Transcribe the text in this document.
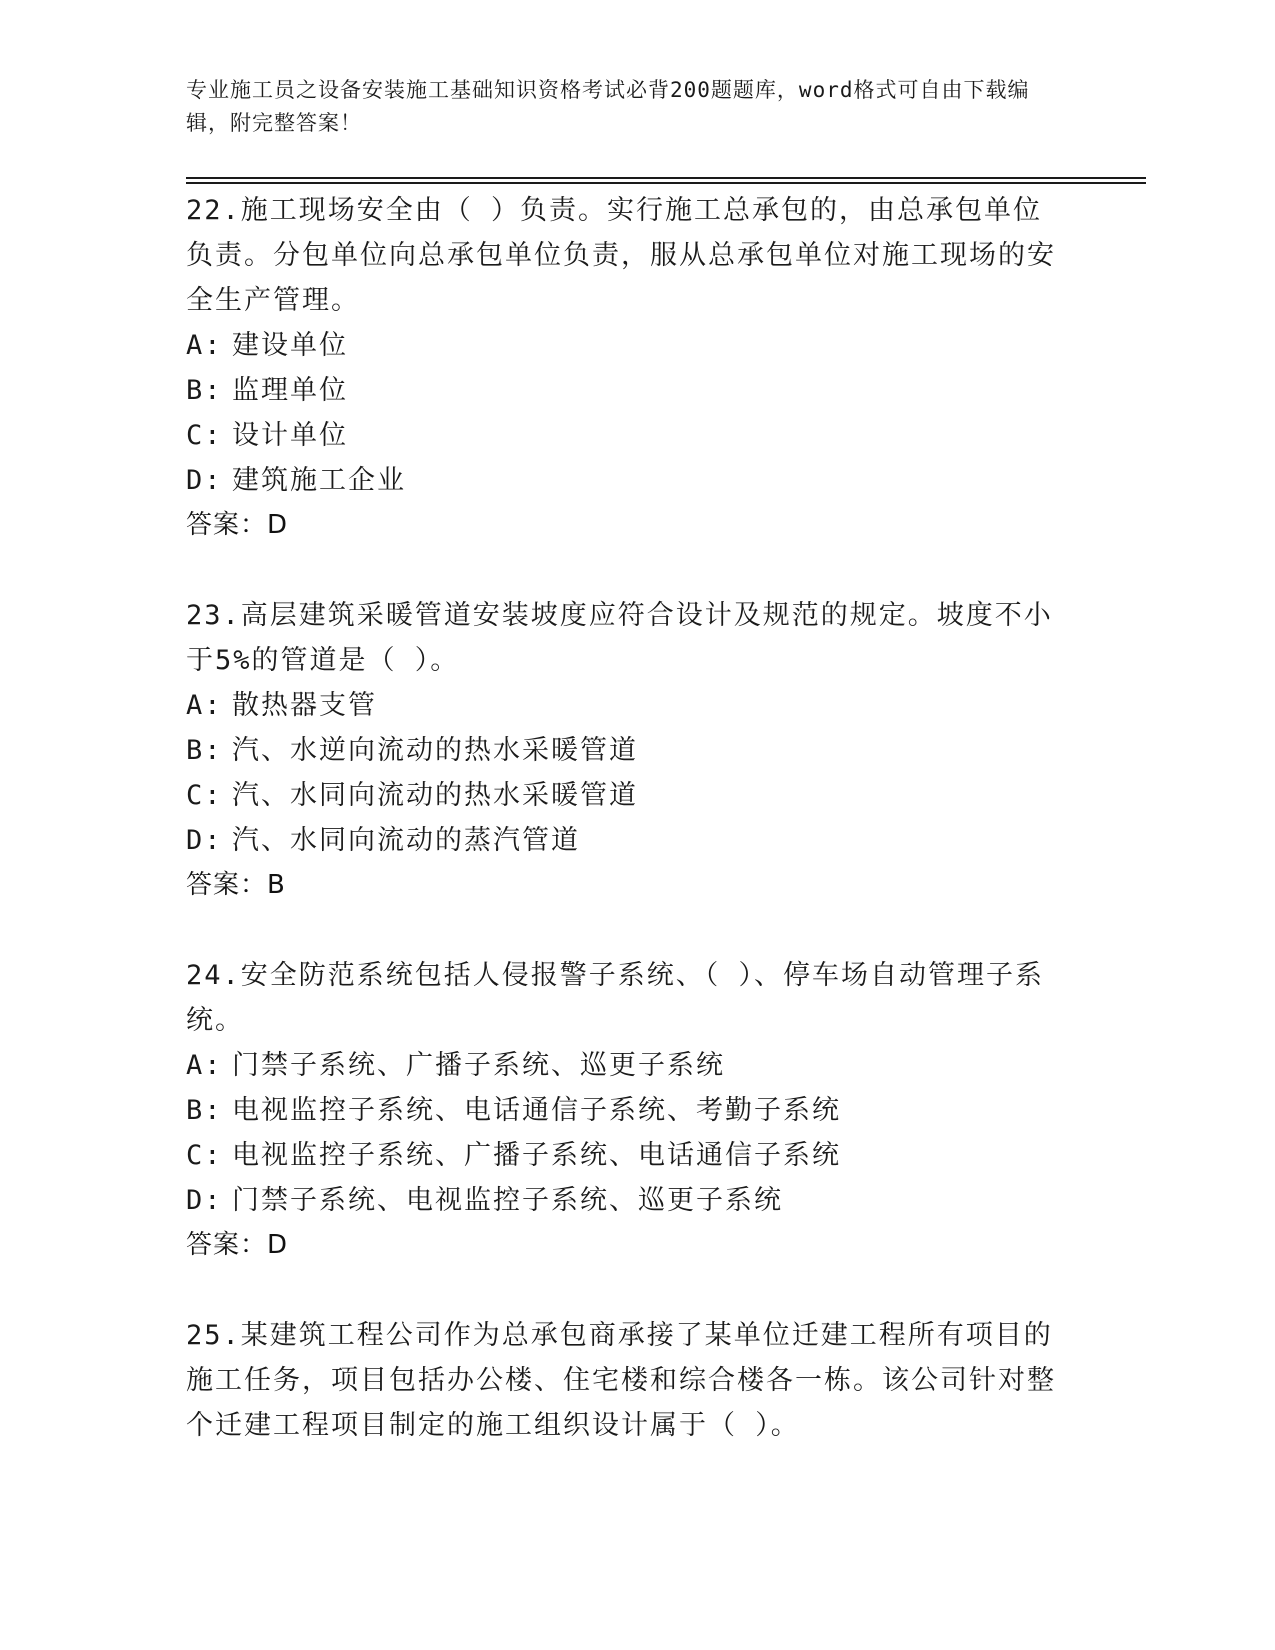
专业施工员之设备安装施工基础知识资格考试必背200题题库，word格式可自由下载编辑，附完整答案！
22.施工现场安全由（ ）负责。实行施工总承包的，由总承包单位负责。分包单位向总承包单位负责，服从总承包单位对施工现场的安全生产管理。
A: 建设单位
B: 监理单位
C: 设计单位
D: 建筑施工企业
答案：D
23.高层建筑采暖管道安装坡度应符合设计及规范的规定。坡度不小于5%的管道是（ ）。
A: 散热器支管
B: 汽、水逆向流动的热水采暖管道
C: 汽、水同向流动的热水采暖管道
D: 汽、水同向流动的蒸汽管道
答案：B
24.安全防范系统包括人侵报警子系统、（ ）、停车场自动管理子系统。
A: 门禁子系统、广播子系统、巡更子系统
B: 电视监控子系统、电话通信子系统、考勤子系统
C: 电视监控子系统、广播子系统、电话通信子系统
D: 门禁子系统、电视监控子系统、巡更子系统
答案：D
25.某建筑工程公司作为总承包商承接了某单位迁建工程所有项目的施工任务，项目包括办公楼、住宅楼和综合楼各一栋。该公司针对整个迁建工程项目制定的施工组织设计属于（ ）。
